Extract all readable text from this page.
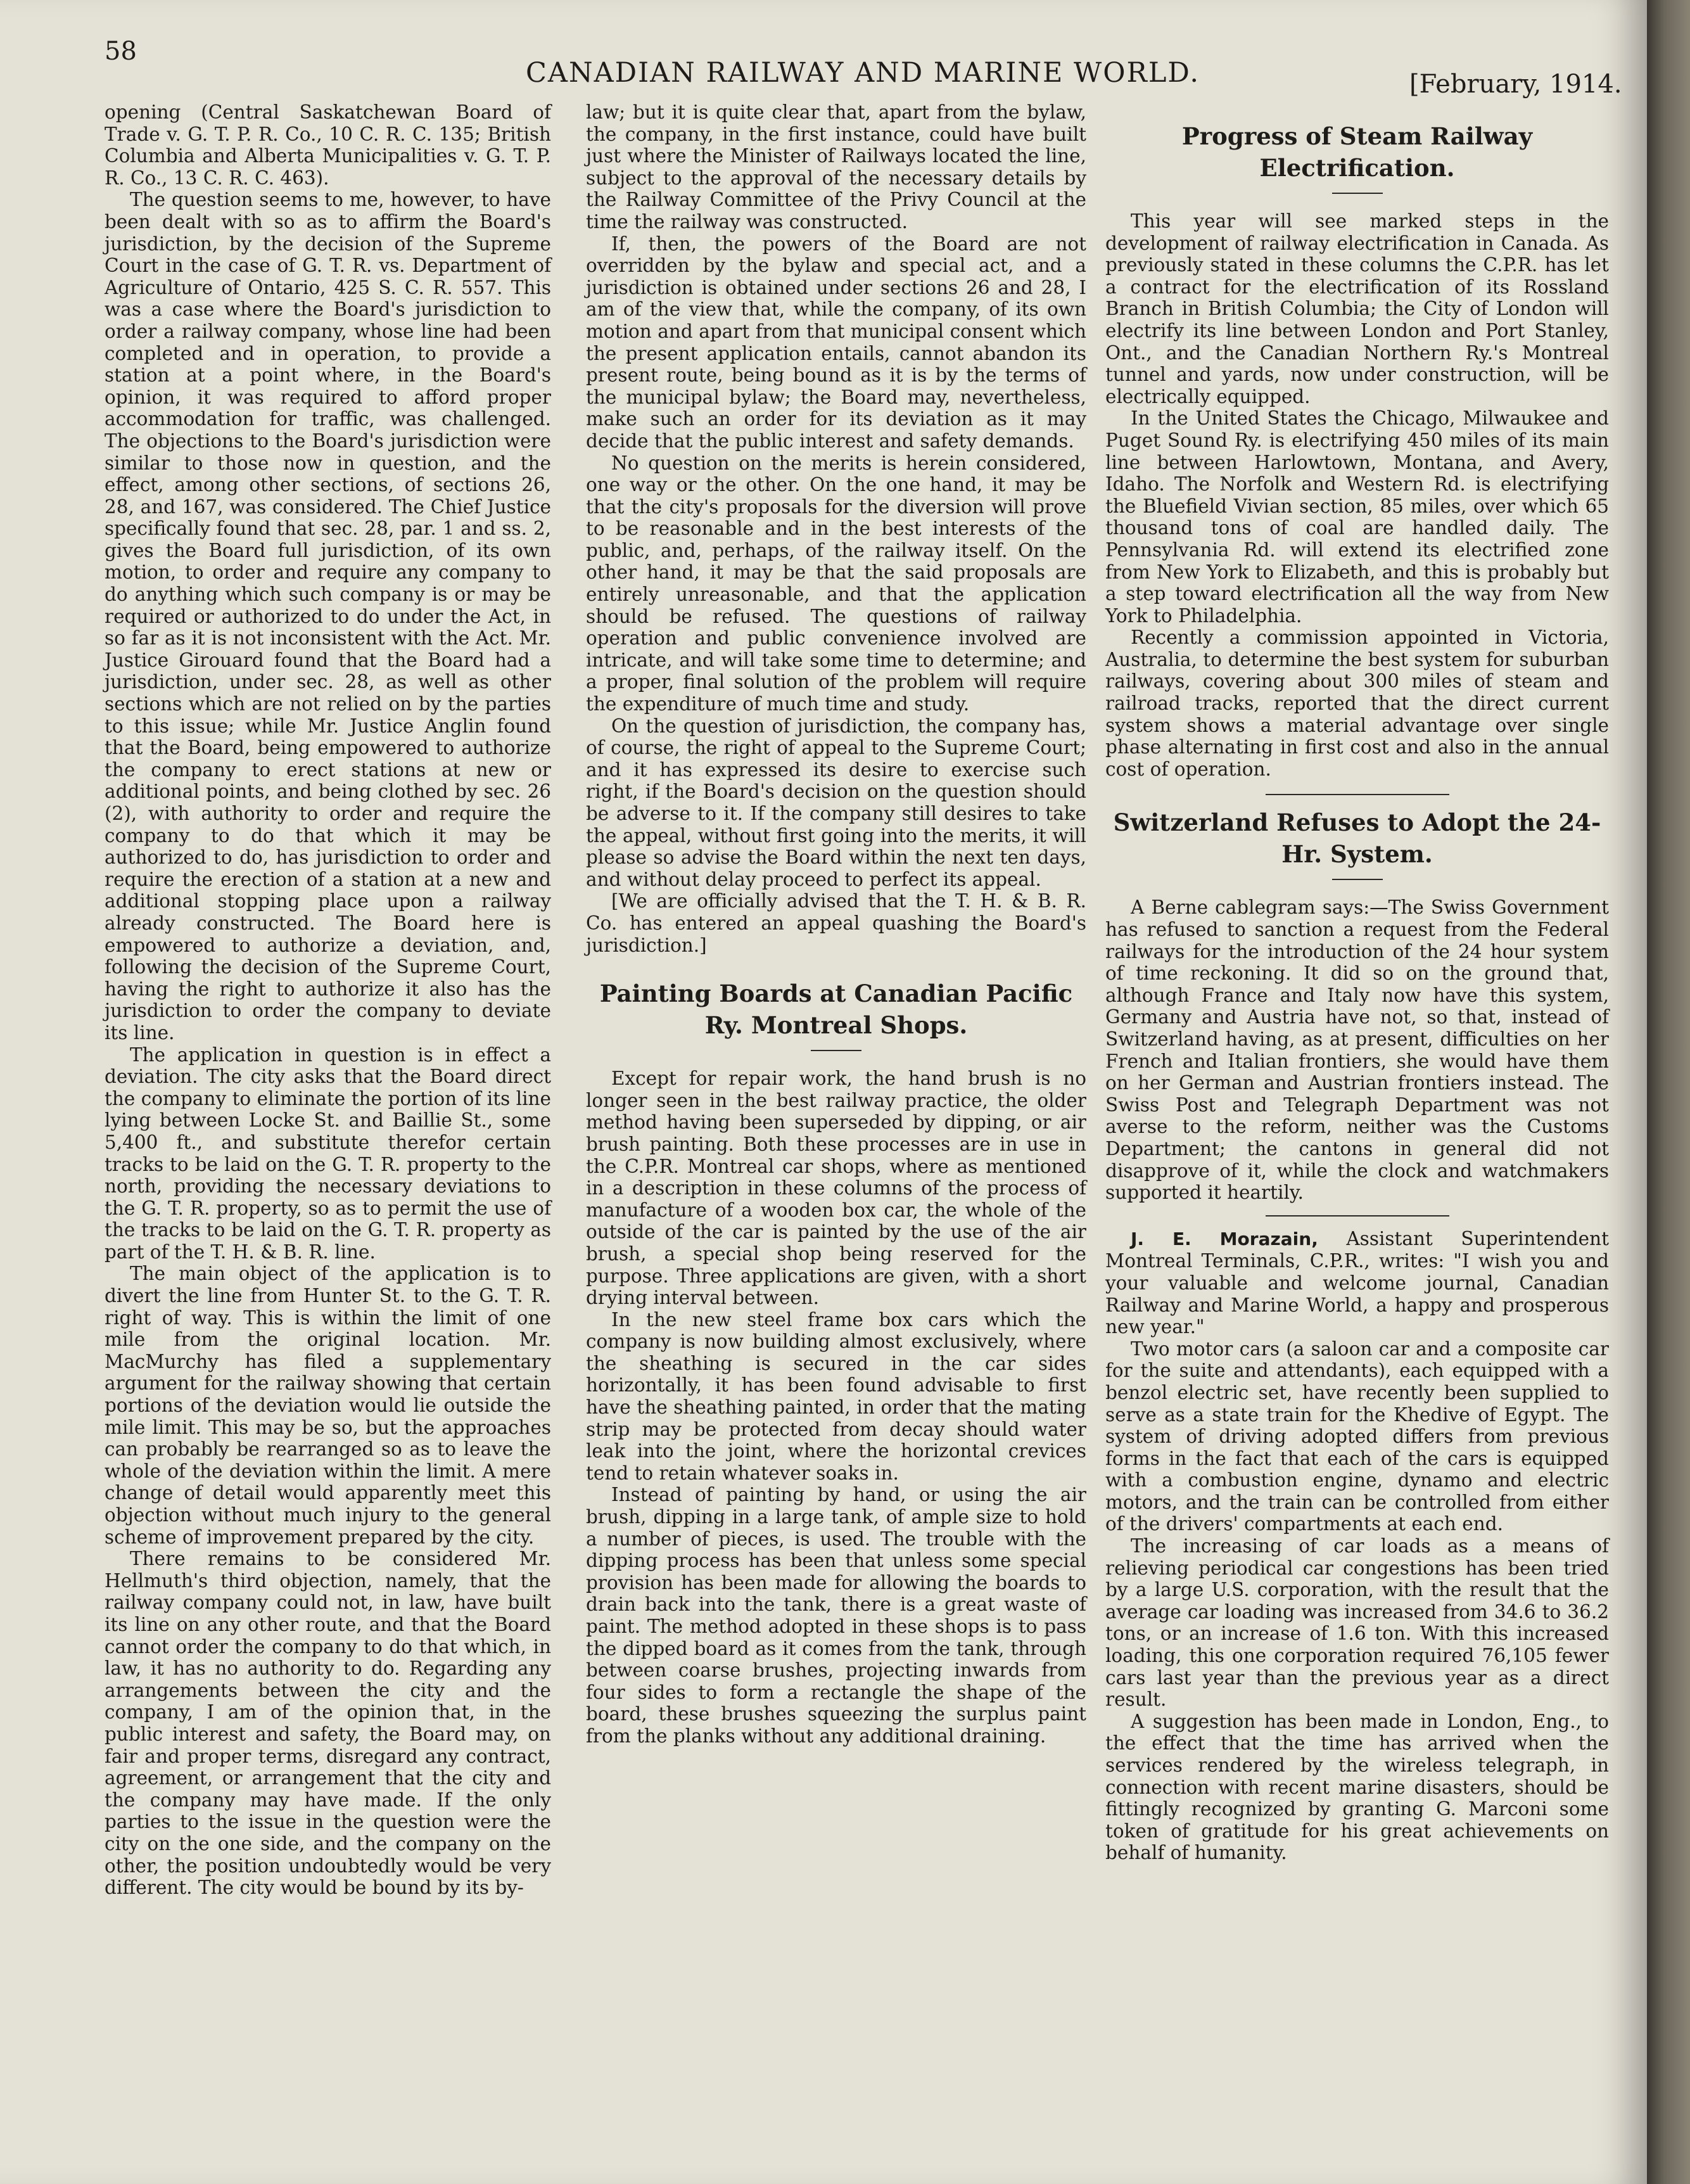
58
CANADIAN RAILWAY AND MARINE WORLD.	[February, 1914.

opening (Central Saskatchewan Board of Trade v. G. T. P. R. Co., 10 C. R. C. 135; British Columbia and Alberta Municipalities v. G. T. P. R. Co., 13 C. R. C. 463).

The question seems to me, however, to have been dealt with so as to affirm the Board's jurisdiction, by the decision of the Supreme Court in the case of G. T. R. vs. Department of Agriculture of Ontario, 425 S. C. R. 557. This was a case where the Board's jurisdiction to order a railway company, whose line had been completed and in operation, to provide a station at a point where, in the Board's opinion, it was required to afford proper accommodation for traffic, was challenged. The objections to the Board's jurisdiction were similar to those now in question, and the effect, among other sections, of sections 26, 28, and 167, was considered. The Chief Justice specifically found that sec. 28, par. 1 and ss. 2, gives the Board full jurisdiction, of its own motion, to order and require any company to do anything which such company is or may be required or authorized to do under the Act, in so far as it is not inconsistent with the Act. Mr. Justice Girouard found that the Board had a jurisdiction, under sec. 28, as well as other sections which are not relied on by the parties to this issue; while Mr. Justice Anglin found that the Board, being empowered to authorize the company to erect stations at new or additional points, and being clothed by sec. 26 (2), with authority to order and require the company to do that which it may be authorized to do, has jurisdiction to order and require the erection of a station at a new and additional stopping place upon a railway already constructed. The Board here is empowered to authorize a deviation, and, following the decision of the Supreme Court, having the right to authorize it also has the jurisdiction to order the company to deviate its line.

The application in question is in effect a deviation. The city asks that the Board direct the company to eliminate the portion of its line lying between Locke St. and Baillie St., some 5,400 ft., and substitute therefor certain tracks to be laid on the G. T. R. property to the north, providing the necessary deviations to the G. T. R. property, so as to permit the use of the tracks to be laid on the G. T. R. property as part of the T. H. & B. R. line.

The main object of the application is to divert the line from Hunter St. to the G. T. R. right of way. This is within the limit of one mile from the original location. Mr. MacMurchy has filed a supplementary argument for the railway showing that certain portions of the deviation would lie outside the mile limit. This may be so, but the approaches can probably be rearranged so as to leave the whole of the deviation within the limit. A mere change of detail would apparently meet this objection without much injury to the general scheme of improvement prepared by the city.

There remains to be considered Mr. Hellmuth's third objection, namely, that the railway company could not, in law, have built its line on any other route, and that the Board cannot order the company to do that which, in law, it has no authority to do. Regarding any arrangements between the city and the company, I am of the opinion that, in the public interest and safety, the Board may, on fair and proper terms, disregard any contract, agreement, or arrangement that the city and the company may have made. If the only parties to the issue in the question were the city on the one side, and the company on the other, the position undoubtedly would be very different. The city would be bound by its by-

law; but it is quite clear that, apart from the bylaw, the company, in the first instance, could have built just where the Minister of Railways located the line, subject to the approval of the necessary details by the Railway Committee of the Privy Council at the time the railway was constructed.

If, then, the powers of the Board are not overridden by the bylaw and special act, and a jurisdiction is obtained under sections 26 and 28, I am of the view that, while the company, of its own motion and apart from that municipal consent which the present application entails, cannot abandon its present route, being bound as it is by the terms of the municipal bylaw; the Board may, nevertheless, make such an order for its deviation as it may decide that the public interest and safety demands.

No question on the merits is herein considered, one way or the other. On the one hand, it may be that the city's proposals for the diversion will prove to be reasonable and in the best interests of the public, and, perhaps, of the railway itself. On the other hand, it may be that the said proposals are entirely unreasonable, and that the application should be refused. The questions of railway operation and public convenience involved are intricate, and will take some time to determine; and a proper, final solution of the problem will require the expenditure of much time and study.

On the question of jurisdiction, the company has, of course, the right of appeal to the Supreme Court; and it has expressed its desire to exercise such right, if the Board's decision on the question should be adverse to it. If the company still desires to take the appeal, without first going into the merits, it will please so advise the Board within the next ten days, and without delay proceed to perfect its appeal.

[We are officially advised that the T. H. & B. R. Co. has entered an appeal quashing the Board's jurisdiction.]

Painting Boards at Canadian Pacific Ry. Montreal Shops.

Except for repair work, the hand brush is no longer seen in the best railway practice, the older method having been superseded by dipping, or air brush painting. Both these processes are in use in the C.P.R. Montreal car shops, where as mentioned in a description in these columns of the process of manufacture of a wooden box car, the whole of the outside of the car is painted by the use of the air brush, a special shop being reserved for the purpose. Three applications are given, with a short drying interval between.

In the new steel frame box cars which the company is now building almost exclusively, where the sheathing is secured in the car sides horizontally, it has been found advisable to first have the sheathing painted, in order that the mating strip may be protected from decay should water leak into the joint, where the horizontal crevices tend to retain whatever soaks in.

Instead of painting by hand, or using the air brush, dipping in a large tank, of ample size to hold a number of pieces, is used. The trouble with the dipping process has been that unless some special provision has been made for allowing the boards to drain back into the tank, there is a great waste of paint. The method adopted in these shops is to pass the dipped board as it comes from the tank, through between coarse brushes, projecting inwards from four sides to form a rectangle the shape of the board, these brushes squeezing the surplus paint from the planks without any additional draining.

Progress of Steam Railway Electrification.

This year will see marked steps in the development of railway electrification in Canada. As previously stated in these columns the C.P.R. has let a contract for the electrification of its Rossland Branch in British Columbia; the City of London will electrify its line between London and Port Stanley, Ont., and the Canadian Northern Ry.'s Montreal tunnel and yards, now under construction, will be electrically equipped.

In the United States the Chicago, Milwaukee and Puget Sound Ry. is electrifying 450 miles of its main line between Harlowtown, Montana, and Avery, Idaho. The Norfolk and Western Rd. is electrifying the Bluefield Vivian section, 85 miles, over which 65 thousand tons of coal are handled daily. The Pennsylvania Rd. will extend its electrified zone from New York to Elizabeth, and this is probably but a step toward electrification all the way from New York to Philadelphia.

Recently a commission appointed in Victoria, Australia, to determine the best system for suburban railways, covering about 300 miles of steam and railroad tracks, reported that the direct current system shows a material advantage over single phase alternating in first cost and also in the annual cost of operation.

Switzerland Refuses to Adopt the 24-Hr. System.

A Berne cablegram says:—The Swiss Government has refused to sanction a request from the Federal railways for the introduction of the 24 hour system of time reckoning. It did so on the ground that, although France and Italy now have this system, Germany and Austria have not, so that, instead of Switzerland having, as at present, difficulties on her French and Italian frontiers, she would have them on her German and Austrian frontiers instead. The Swiss Post and Telegraph Department was not averse to the reform, neither was the Customs Department; the cantons in general did not disapprove of it, while the clock and watchmakers supported it heartily.

J. E. Morazain, Assistant Superintendent Montreal Terminals, C.P.R., writes: "I wish you and your valuable and welcome journal, Canadian Railway and Marine World, a happy and prosperous new year."

Two motor cars (a saloon car and a composite car for the suite and attendants), each equipped with a benzol electric set, have recently been supplied to serve as a state train for the Khedive of Egypt. The system of driving adopted differs from previous forms in the fact that each of the cars is equipped with a combustion engine, dynamo and electric motors, and the train can be controlled from either of the drivers' compartments at each end.

The increasing of car loads as a means of relieving periodical car congestions has been tried by a large U.S. corporation, with the result that the average car loading was increased from 34.6 to 36.2 tons, or an increase of 1.6 ton. With this increased loading, this one corporation required 76,105 fewer cars last year than the previous year as a direct result.

A suggestion has been made in London, Eng., to the effect that the time has arrived when the services rendered by the wireless telegraph, in connection with recent marine disasters, should be fittingly recognized by granting G. Marconi some token of gratitude for his great achievements on behalf of humanity.
